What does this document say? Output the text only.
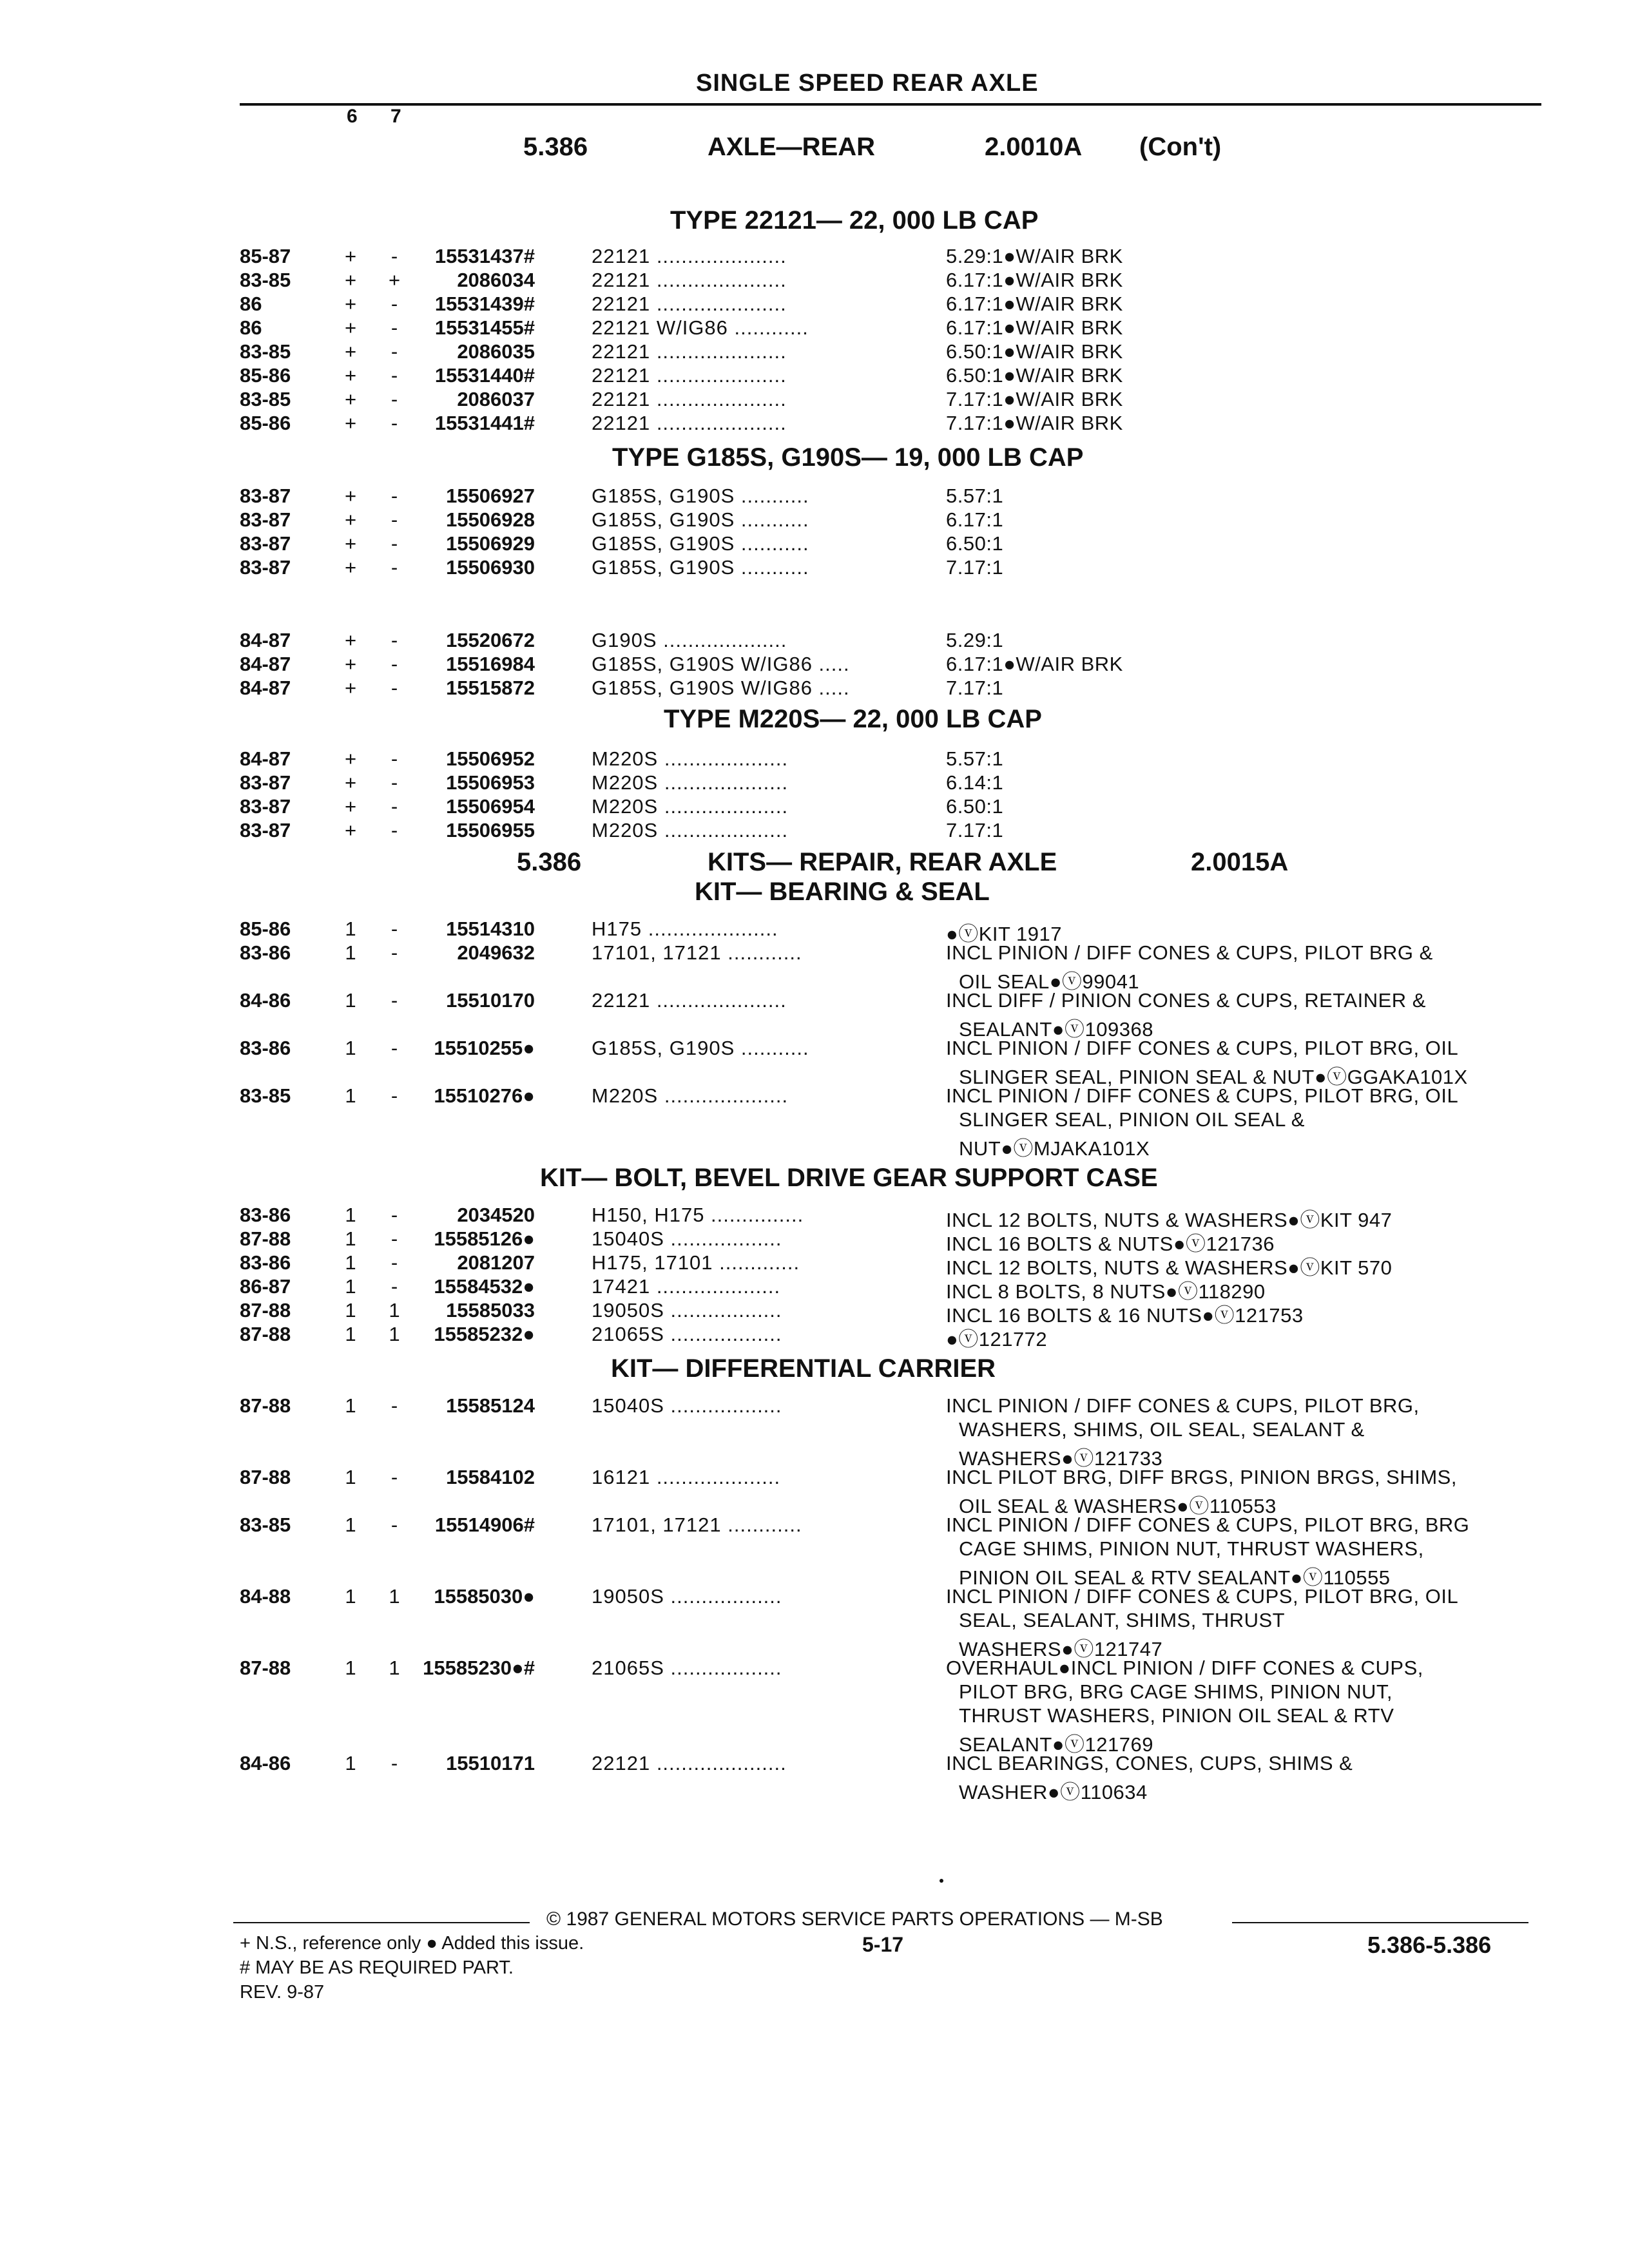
SINGLE SPEED REAR AXLE
6 7
5.386	AXLE—REAR	2.0010A (Con't)
TYPE 22121— 22, 000 LB CAP
TYPE G185S, G190S— 19, 000 LB CAP
TYPE M220S— 22, 000 LB CAP
5.386	KITS— REPAIR, REAR AXLE	2.0015A
KIT— BEARING & SEAL
KIT— BOLT, BEVEL DRIVE GEAR SUPPORT CASE
KIT— DIFFERENTIAL CARRIER
85-87	+ -	15531437#	22121 .....................	5.29:1●W/AIR BRK
83-85	+ +	2086034	22121 .....................	6.17:1●W/AIR BRK
86	+ -	15531439#	22121 .....................	6.17:1●W/AIR BRK
86	+ -	15531455#	22121 W/IG86 ............	6.17:1●W/AIR BRK
83-85	+ -	2086035	22121 .....................	6.50:1●W/AIR BRK
85-86	+ -	15531440#	22121 .....................	6.50:1●W/AIR BRK
83-85	+ -	2086037	22121 .....................	7.17:1●W/AIR BRK
85-86	+ -	15531441#	22121 .....................	7.17:1●W/AIR BRK
83-87	+ -	15506927	G185S, G190S ...........	5.57:1
83-87	+ -	15506928	G185S, G190S ...........	6.17:1
83-87	+ -	15506929	G185S, G190S ...........	6.50:1
83-87	+ -	15506930	G185S, G190S ...........	7.17:1
84-87	+ -	15520672	G190S ....................	5.29:1
84-87	+ -	15516984	G185S, G190S W/IG86 .....	6.17:1●W/AIR BRK
84-87	+ -	15515872	G185S, G190S W/IG86 .....	7.17:1
84-87	+ -	15506952	M220S ....................	5.57:1
83-87	+ -	15506953	M220S ....................	6.14:1
83-87	+ -	15506954	M220S ....................	6.50:1
83-87	+ -	15506955	M220S ....................	7.17:1
85-86	1 -	15514310	H175 .....................	●ⓥKIT 1917
83-86	1 -	2049632	17101, 17121 ............	INCL PINION / DIFF CONES & CUPS, PILOT BRG &
OIL SEAL●ⓥ99041
84-86	1 -	15510170	22121 .....................	INCL DIFF / PINION CONES & CUPS, RETAINER &
SEALANT●ⓥ109368
83-86	1 -	15510255●	G185S, G190S ...........	INCL PINION / DIFF CONES & CUPS, PILOT BRG, OIL
SLINGER SEAL, PINION SEAL & NUT●ⓥGGAKA101X
83-85	1 -	15510276●	M220S ....................	INCL PINION / DIFF CONES & CUPS, PILOT BRG, OIL
SLINGER SEAL, PINION OIL SEAL &
NUT●ⓥMJAKA101X
83-86	1 -	2034520	H150, H175 ...............	INCL 12 BOLTS, NUTS & WASHERS●ⓥKIT 947
87-88	1 -	15585126●	15040S ..................	INCL 16 BOLTS & NUTS●ⓥ121736
83-86	1 -	2081207	H175, 17101 .............	INCL 12 BOLTS, NUTS & WASHERS●ⓥKIT 570
86-87	1 -	15584532●	17421 ....................	INCL 8 BOLTS, 8 NUTS●ⓥ118290
87-88	1 1	15585033	19050S ..................	INCL 16 BOLTS & 16 NUTS●ⓥ121753
87-88	1 1	15585232●	21065S ..................	●ⓥ121772
87-88	1 -	15585124	15040S ..................	INCL PINION / DIFF CONES & CUPS, PILOT BRG,
WASHERS, SHIMS, OIL SEAL, SEALANT &
WASHERS●ⓥ121733
87-88	1 -	15584102	16121 ....................	INCL PILOT BRG, DIFF BRGS, PINION BRGS, SHIMS,
OIL SEAL & WASHERS●ⓥ110553
83-85	1 -	15514906#	17101, 17121 ............	INCL PINION / DIFF CONES & CUPS, PILOT BRG, BRG
CAGE SHIMS, PINION NUT, THRUST WASHERS,
PINION OIL SEAL & RTV SEALANT●ⓥ110555
84-88	1 1	15585030●	19050S ..................	INCL PINION / DIFF CONES & CUPS, PILOT BRG, OIL
SEAL, SEALANT, SHIMS, THRUST
WASHERS●ⓥ121747
87-88	1 1	15585230●#	21065S ..................	OVERHAUL●INCL PINION / DIFF CONES & CUPS,
PILOT BRG, BRG CAGE SHIMS, PINION NUT,
THRUST WASHERS, PINION OIL SEAL & RTV
SEALANT●ⓥ121769
84-86	1 -	15510171	22121 .....................	INCL BEARINGS, CONES, CUPS, SHIMS &
WASHER●ⓥ110634
© 1987 GENERAL MOTORS SERVICE PARTS OPERATIONS — M-SB
+ N.S., reference only ● Added this issue.
# MAY BE AS REQUIRED PART.
REV. 9-87
5-17	5.386-5.386
